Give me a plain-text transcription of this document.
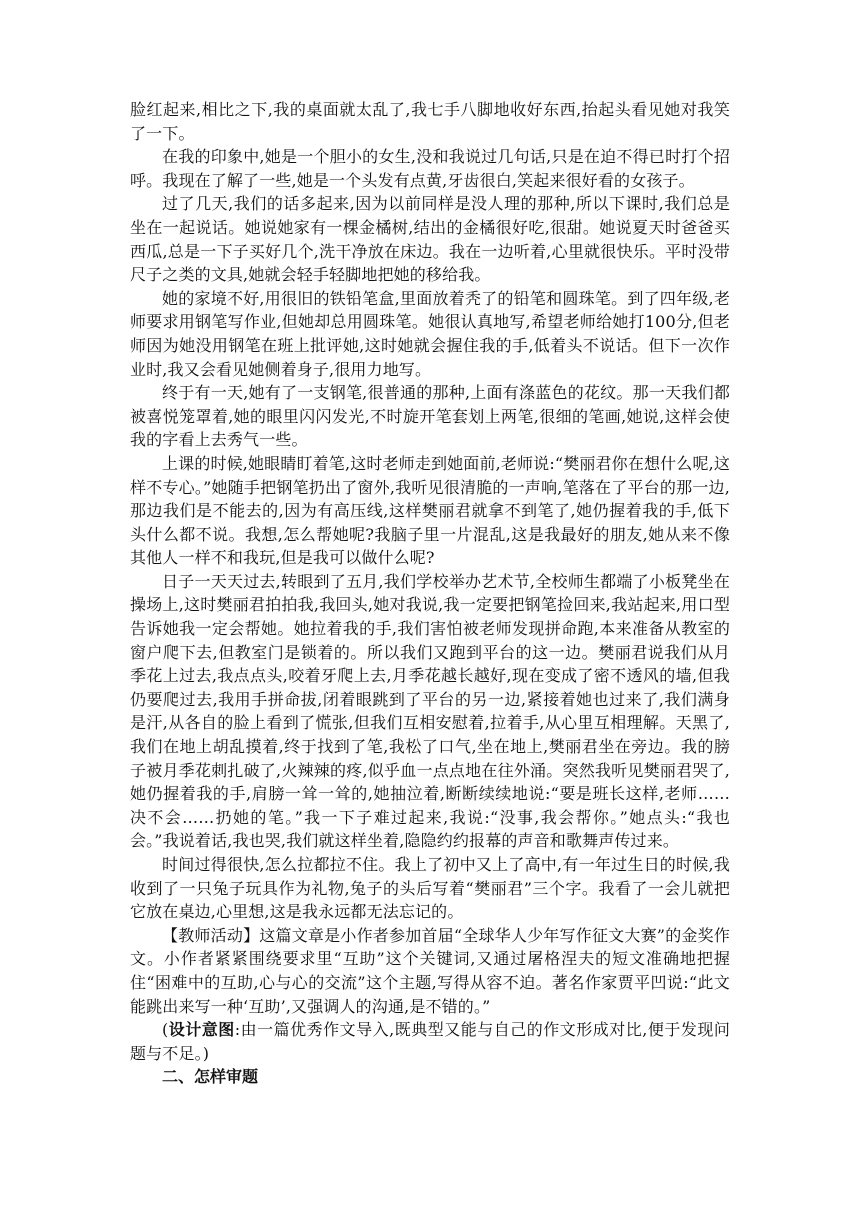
脸红起来,相比之下,我的桌面就太乱了,我七手八脚地收好东西,抬起头看见她对我笑了一下。

在我的印象中,她是一个胆小的女生,没和我说过几句话,只是在迫不得已时打个招呼。我现在了解了一些,她是一个头发有点黄,牙齿很白,笑起来很好看的女孩子。

过了几天,我们的话多起来,因为以前同样是没人理的那种,所以下课时,我们总是坐在一起说话。她说她家有一棵金橘树,结出的金橘很好吃,很甜。她说夏天时爸爸买西瓜,总是一下子买好几个,洗干净放在床边。我在一边听着,心里就很快乐。平时没带尺子之类的文具,她就会轻手轻脚地把她的移给我。

她的家境不好,用很旧的铁铅笔盒,里面放着秃了的铅笔和圆珠笔。到了四年级,老师要求用钢笔写作业,但她却总用圆珠笔。她很认真地写,希望老师给她打100分,但老师因为她没用钢笔在班上批评她,这时她就会握住我的手,低着头不说话。但下一次作业时,我又会看见她侧着身子,很用力地写。

终于有一天,她有了一支钢笔,很普通的那种,上面有涤蓝色的花纹。那一天我们都被喜悦笼罩着,她的眼里闪闪发光,不时旋开笔套划上两笔,很细的笔画,她说,这样会使我的字看上去秀气一些。

上课的时候,她眼睛盯着笔,这时老师走到她面前,老师说:“樊丽君你在想什么呢,这样不专心。”她随手把钢笔扔出了窗外,我听见很清脆的一声响,笔落在了平台的那一边,那边我们是不能去的,因为有高压线,这样樊丽君就拿不到笔了,她仍握着我的手,低下头什么都不说。我想,怎么帮她呢?我脑子里一片混乱,这是我最好的朋友,她从来不像其他人一样不和我玩,但是我可以做什么呢?

日子一天天过去,转眼到了五月,我们学校举办艺术节,全校师生都端了小板凳坐在操场上,这时樊丽君拍拍我,我回头,她对我说,我一定要把钢笔捡回来,我站起来,用口型告诉她我一定会帮她。她拉着我的手,我们害怕被老师发现拼命跑,本来准备从教室的窗户爬下去,但教室门是锁着的。所以我们又跑到平台的这一边。樊丽君说我们从月季花上过去,我点点头,咬着牙爬上去,月季花越长越好,现在变成了密不透风的墙,但我仍要爬过去,我用手拼命拔,闭着眼跳到了平台的另一边,紧接着她也过来了,我们满身是汗,从各自的脸上看到了慌张,但我们互相安慰着,拉着手,从心里互相理解。天黑了,我们在地上胡乱摸着,终于找到了笔,我松了口气,坐在地上,樊丽君坐在旁边。我的膀子被月季花刺扎破了,火辣辣的疼,似乎血一点点地在往外涌。突然我听见樊丽君哭了,她仍握着我的手,肩膀一耸一耸的,她抽泣着,断断续续地说:“要是班长这样,老师……决不会……扔她的笔。”我一下子难过起来,我说:“没事,我会帮你。”她点头:“我也会。”我说着话,我也哭,我们就这样坐着,隐隐约约报幕的声音和歌舞声传过来。

时间过得很快,怎么拉都拉不住。我上了初中又上了高中,有一年过生日的时候,我收到了一只兔子玩具作为礼物,兔子的头后写着“樊丽君”三个字。我看了一会儿就把它放在桌边,心里想,这是我永远都无法忘记的。

【教师活动】这篇文章是小作者参加首届“全球华人少年写作征文大赛”的金奖作文。小作者紧紧围绕要求里“互助”这个关键词,又通过屠格涅夫的短文准确地把握住“困难中的互助,心与心的交流”这个主题,写得从容不迫。著名作家贾平凹说:“此文能跳出来写一种‘互助’,又强调人的沟通,是不错的。”

(设计意图:由一篇优秀作文导入,既典型又能与自己的作文形成对比,便于发现问题与不足。)

二、怎样审题
